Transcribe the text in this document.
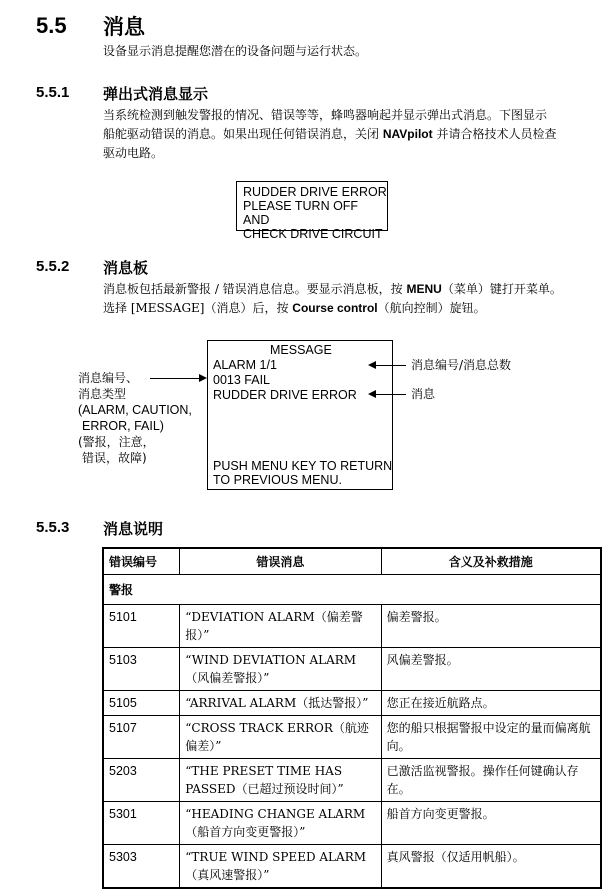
5.5 消息
设备显示消息提醒您潜在的设备问题与运行状态。
5.5.1 弹出式消息显示
当系统检测到触发警报的情况、错误等等，蜂鸣器响起并显示弹出式消息。下图显示
船舵驱动错误的消息。如果出现任何错误消息，关闭 NAVpilot 并请合格技术人员检查
驱动电路。
RUDDER DRIVE ERROR
PLEASE TURN OFF AND
CHECK DRIVE CIRCUIT
5.5.2 消息板
消息板包括最新警报 / 错误消息信息。要显示消息板，按 MENU（菜单）键打开菜单。
选择 [MESSAGE]（消息）后，按 Course control（航向控制）旋钮。
MESSAGE
ALARM 1/1
0013 FAIL
RUDDER DRIVE ERROR
PUSH MENU KEY TO RETURN
TO PREVIOUS MENU.
消息编号、
消息类型
(ALARM, CAUTION,
ERROR, FAIL)
(警报，注意，
错误，故障)
消息编号/消息总数
消息
5.5.3 消息说明
错误编号	错误消息	含义及补救措施
警报		
5101	“DEVIATION ALARM（偏差警报）”	偏差警报。
5103	“WIND DEVIATION ALARM（风偏差警报）”	风偏差警报。
5105	“ARRIVAL ALARM（抵达警报）”	您正在接近航路点。
5107	“CROSS TRACK ERROR（航迹偏差）”	您的船只根据警报中设定的量而偏离航向。
5203	“THE PRESET TIME HAS PASSED（已超过预设时间）”	已激活监视警报。操作任何键确认存在。
5301	“HEADING CHANGE ALARM（船首方向变更警报）”	船首方向变更警报。
5303	“TRUE WIND SPEED ALARM（真风速警报）”	真风警报（仅适用帆船）。
